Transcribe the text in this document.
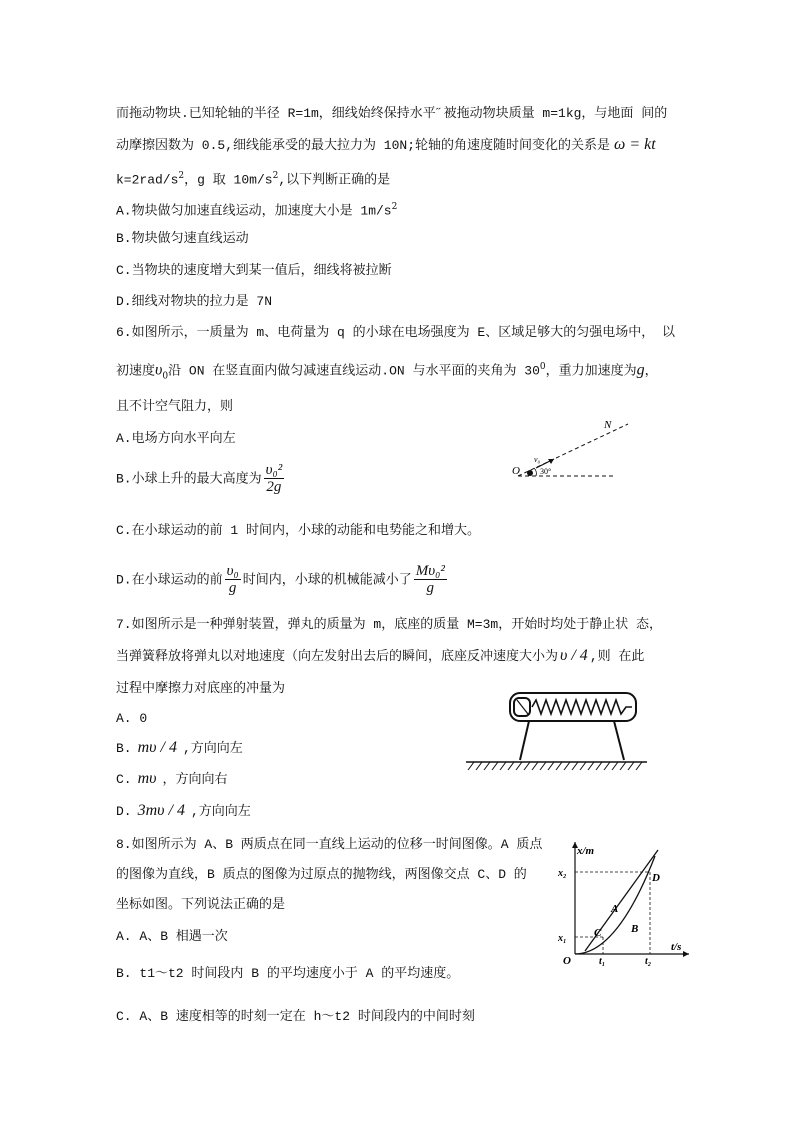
而拖动物块.已知轮轴的半径 R=1m，细线始终保持水平˝被拖动物块质量 m=1kg，与地面 间的
动摩擦因数为 0.5,细线能承受的最大拉力为 10N;轮轴的角速度随时间变化的关系是 ω = kt
$k=2rad/s^2$，g 取 $10m/s^2$,以下判断正确的是
A.物块做匀加速直线运动，加速度大小是 $1m/s^2$
B.物块做匀速直线运动
C.当物块的速度增大到某一值后，细线将被拉断
D.细线对物块的拉力是 7N
6.如图所示，一质量为 m、电荷量为 q 的小球在电场强度为 E、区域足够大的匀强电场中， 以
初速度$\upsilon_0$沿 ON 在竖直面内做匀减速直线运动.ON 与水平面的夹角为 $30^0$，重力加速度为g，
且不计空气阻力，则
A.电场方向水平向左
B.小球上升的最大高度为 $\frac{\text{υ₀²}}{2g}$
C.在小球运动的前 1 时间内，小球的动能和电势能之和增大。
D.在小球运动的前 $\frac{\text{υ₀}}{g}$ 时间内，小球的机械能减小了 $\frac{\text{Mυ₀²}}{g}$
N
O
v₀
30°
7.如图所示是一种弹射装置，弹丸的质量为 m，底座的质量 M=3m，开始时均处于静止状 态，
当弹簧释放将弹丸以对地速度（向左发射出去后的瞬间，底座反冲速度大小为 υ / 4 ,则 在此
过程中摩擦力对底座的冲量为
A. 0
B. mυ / 4 ,方向向左
C. mυ ，方向向右
D. 3mυ / 4 ,方向向左
8.如图所示为 A、B 两质点在同一直线上运动的位移一时间图像。A 质点
的图像为直线，B 质点的图像为过原点的抛物线，两图像交点 C、D 的
坐标如图。下列说法正确的是
A. A、B 相遇一次
B. t1～t2 时间段内 B 的平均速度小于 A 的平均速度。
C. A、B 速度相等的时刻一定在 h～t2 时间段内的中间时刻
x/m
t/s
x₂
x₁
t₁	t₂
O
A
B
C
D
